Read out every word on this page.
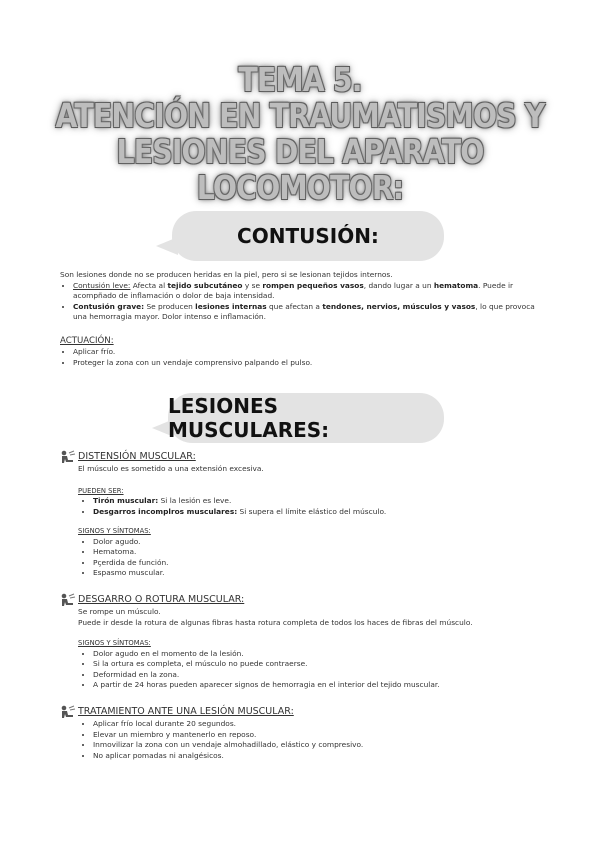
TEMA 5.
ATENCIÓN EN TRAUMATISMOS Y
LESIONES DEL APARATO LOCOMOTOR:
CONTUSIÓN:
Son lesiones donde no se producen heridas en la piel, pero si se lesionan tejidos internos.
• Contusión leve: Afecta al tejido subcutáneo y se rompen pequeños vasos, dando lugar a un hematoma. Puede ir acompñado de inflamación o dolor de baja intensidad.
• Contusión grave: Se producen lesiones internas que afectan a tendones, nervios, músculos y vasos, lo que provoca una hemorragia mayor. Dolor intenso e inflamación.
ACTUACIÓN:
• Aplicar frío.
• Proteger la zona con un vendaje comprensivo palpando el pulso.
LESIONES MUSCULARES:
DISTENSIÓN MUSCULAR:
El músculo es sometido a una extensión excesiva.
PUEDEN SER:
• Tirón muscular: Si la lesión es leve.
• Desgarros incomplros musculares: Si supera el límite elástico del músculo.
SIGNOS Y SÍNTOMAS:
• Dolor agudo.
• Hematoma.
• Pçerdida de función.
• Espasmo muscular.
DESGARRO O ROTURA MUSCULAR:
Se rompe un músculo.
Puede ir desde la rotura de algunas fibras hasta rotura completa de todos los haces de fibras del músculo.
SIGNOS Y SÍNTOMAS:
• Dolor agudo en el momento de la lesión.
• Si la ortura es completa, el músculo no puede contraerse.
• Deformidad en la zona.
• A partir de 24 horas pueden aparecer signos de hemorragia en el interior del tejido muscular.
TRATAMIENTO ANTE UNA LESIÓN MUSCULAR:
• Aplicar frío local durante 20 segundos.
• Elevar un miembro y mantenerlo en reposo.
• Inmovilizar la zona con un vendaje almohadillado, elástico y compresivo.
• No aplicar pomadas ni analgésicos.
